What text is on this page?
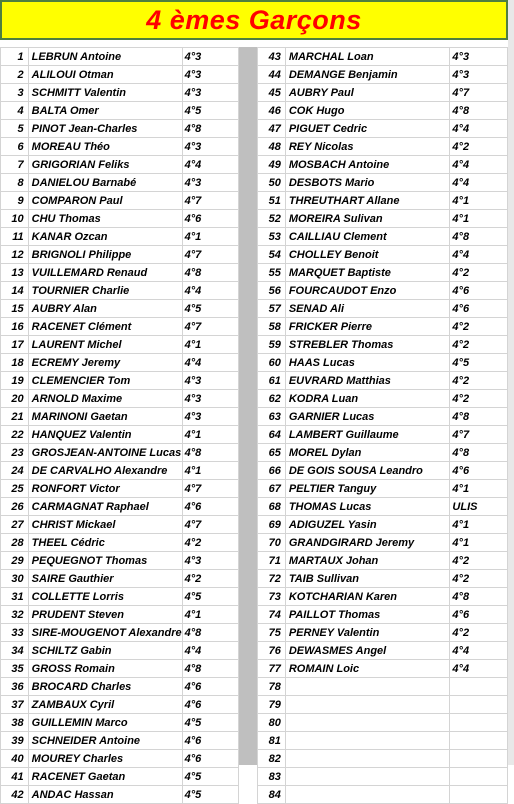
4 èmes Garçons
1	LEBRUN Antoine	4°3
2	ALILOUI Otman	4°3
3	SCHMITT Valentin	4°3
4	BALTA Omer	4°5
5	PINOT Jean-Charles	4°8
6	MOREAU Théo	4°3
7	GRIGORIAN Feliks	4°4
8	DANIELOU Barnabé	4°3
9	COMPARON Paul	4°7
10	CHU Thomas	4°6
11	KANAR Ozcan	4°1
12	BRIGNOLI Philippe	4°7
13	VUILLEMARD Renaud	4°8
14	TOURNIER Charlie	4°4
15	AUBRY Alan	4°5
16	RACENET Clément	4°7
17	LAURENT Michel	4°1
18	ECREMY Jeremy	4°4
19	CLEMENCIER Tom	4°3
20	ARNOLD Maxime	4°3
21	MARINONI Gaetan	4°3
22	HANQUEZ Valentin	4°1
23	GROSJEAN-ANTOINE Lucas	4°8
24	DE CARVALHO Alexandre	4°1
25	RONFORT Victor	4°7
26	CARMAGNAT Raphael	4°6
27	CHRIST Mickael	4°7
28	THEEL Cédric	4°2
29	PEQUEGNOT Thomas	4°3
30	SAIRE Gauthier	4°2
31	COLLETTE Lorris	4°5
32	PRUDENT Steven	4°1
33	SIRE-MOUGENOT Alexandre	4°8
34	SCHILTZ Gabin	4°4
35	GROSS Romain	4°8
36	BROCARD Charles	4°6
37	ZAMBAUX Cyril	4°6
38	GUILLEMIN Marco	4°5
39	SCHNEIDER Antoine	4°6
40	MOUREY Charles	4°6
41	RACENET Gaetan	4°5
42	ANDAC Hassan	4°5
43	MARCHAL Loan	4°3
44	DEMANGE Benjamin	4°3
45	AUBRY Paul	4°7
46	COK Hugo	4°8
47	PIGUET Cedric	4°4
48	REY Nicolas	4°2
49	MOSBACH Antoine	4°4
50	DESBOTS Mario	4°4
51	THREUTHART Allane	4°1
52	MOREIRA Sulivan	4°1
53	CAILLIAU Clement	4°8
54	CHOLLEY Benoit	4°4
55	MARQUET Baptiste	4°2
56	FOURCAUDOT Enzo	4°6
57	SENAD Ali	4°6
58	FRICKER Pierre	4°2
59	STREBLER Thomas	4°2
60	HAAS Lucas	4°5
61	EUVRARD Matthias	4°2
62	KODRA Luan	4°2
63	GARNIER Lucas	4°8
64	LAMBERT Guillaume	4°7
65	MOREL Dylan	4°8
66	DE GOIS SOUSA Leandro	4°6
67	PELTIER Tanguy	4°1
68	THOMAS Lucas	ULIS
69	ADIGUZEL Yasin	4°1
70	GRANDGIRARD Jeremy	4°1
71	MARTAUX Johan	4°2
72	TAIB Sullivan	4°2
73	KOTCHARIAN Karen	4°8
74	PAILLOT Thomas	4°6
75	PERNEY Valentin	4°2
76	DEWASMES Angel	4°4
77	ROMAIN Loic	4°4
78		
79		
80		
81		
82		
83		
84		
